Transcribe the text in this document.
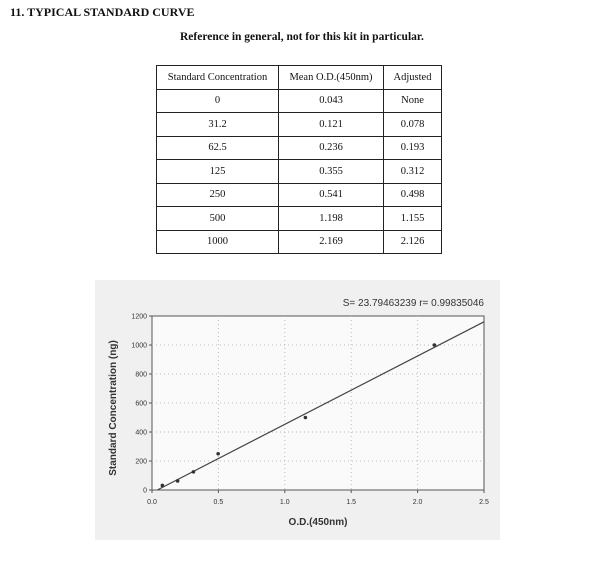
11. TYPICAL STANDARD CURVE
Reference in general, not for this kit in particular.
Standard Concentration	Mean O.D.(450nm)	Adjusted
0	0.043	None
31.2	0.121	0.078
62.5	0.236	0.193
125	0.355	0.312
250	0.541	0.498
500	1.198	1.155
1000	2.169	2.126
0.0	0.5	1.0	1.5	2.0	2.5
0
200
400
600
800
1000
1200
S= 23.79463239 r= 0.99835046
O.D.(450nm)
Standard Concentration (ng)
